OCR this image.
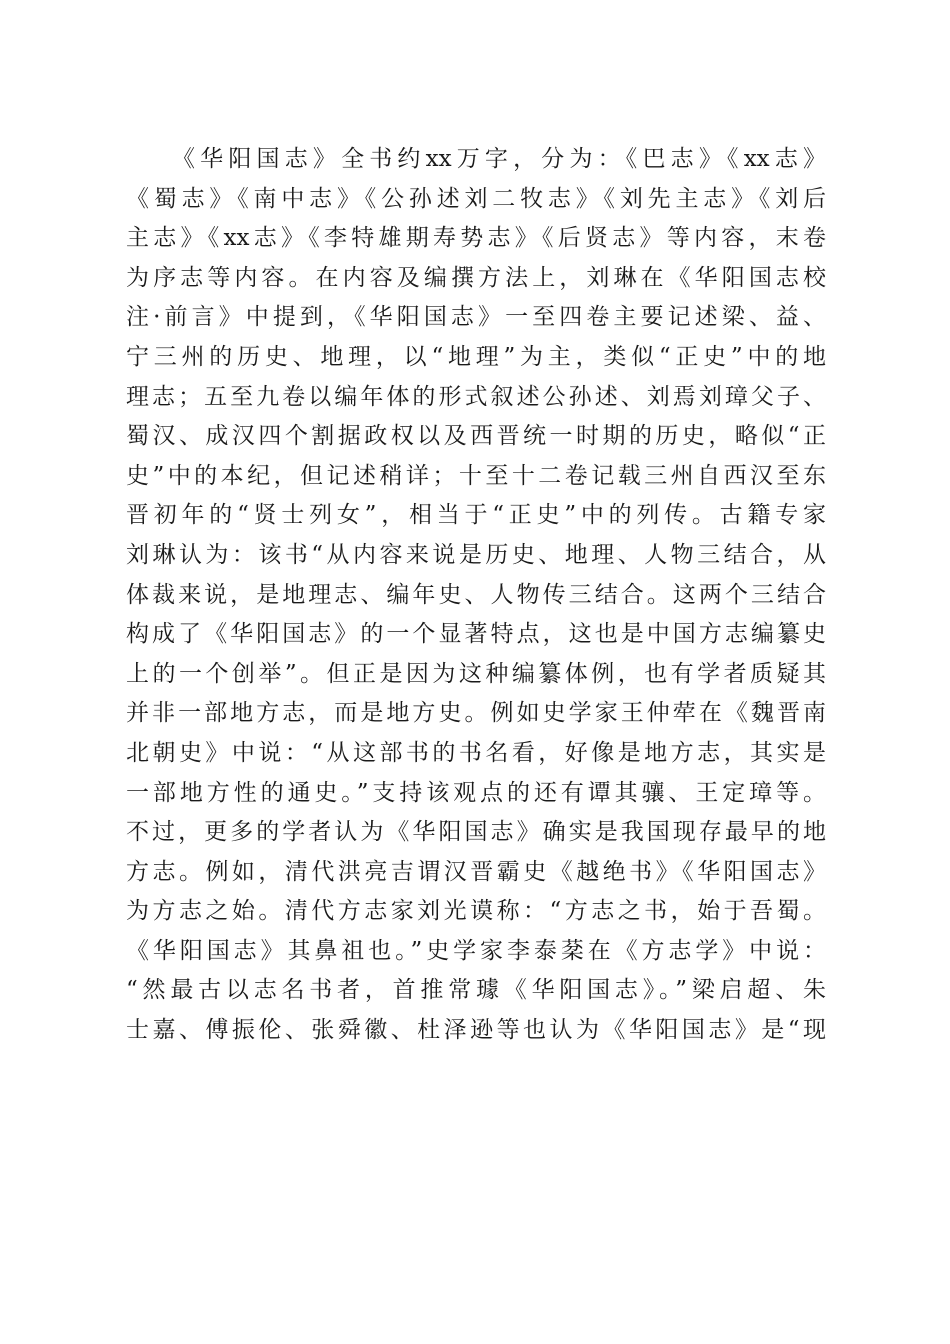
《华阳国志》全书约xx万字，分为：《巴志》《xx志》
《蜀志》《南中志》《公孙述刘二牧志》《刘先主志》《刘后
主志》《xx志》《李特雄期寿势志》《后贤志》等内容，末卷
为序志等内容。在内容及编撰方法上，刘琳在《华阳国志校
注·前言》中提到，《华阳国志》一至四卷主要记述梁、益、
宁三州的历史、地理，以“地理”为主，类似“正史”中的地
理志；五至九卷以编年体的形式叙述公孙述、刘焉刘璋父子、
蜀汉、成汉四个割据政权以及西晋统一时期的历史，略似“正
史”中的本纪，但记述稍详；十至十二卷记载三州自西汉至东
晋初年的“贤士列女”，相当于“正史”中的列传。古籍专家
刘琳认为：该书“从内容来说是历史、地理、人物三结合，从
体裁来说，是地理志、编年史、人物传三结合。这两个三结合
构成了《华阳国志》的一个显著特点，这也是中国方志编纂史
上的一个创举”。但正是因为这种编纂体例，也有学者质疑其
并非一部地方志，而是地方史。例如史学家王仲荦在《魏晋南
北朝史》中说：“从这部书的书名看，好像是地方志，其实是
一部地方性的通史。”支持该观点的还有谭其骧、王定璋等。
不过，更多的学者认为《华阳国志》确实是我国现存最早的地
方志。例如，清代洪亮吉谓汉晋霸史《越绝书》《华阳国志》
为方志之始。清代方志家刘光谟称：“方志之书，始于吾蜀。
《华阳国志》其鼻祖也。”史学家李泰棻在《方志学》中说：
“然最古以志名书者，首推常璩《华阳国志》。”梁启超、朱
士嘉、傅振伦、张舜徽、杜泽逊等也认为《华阳国志》是“现
